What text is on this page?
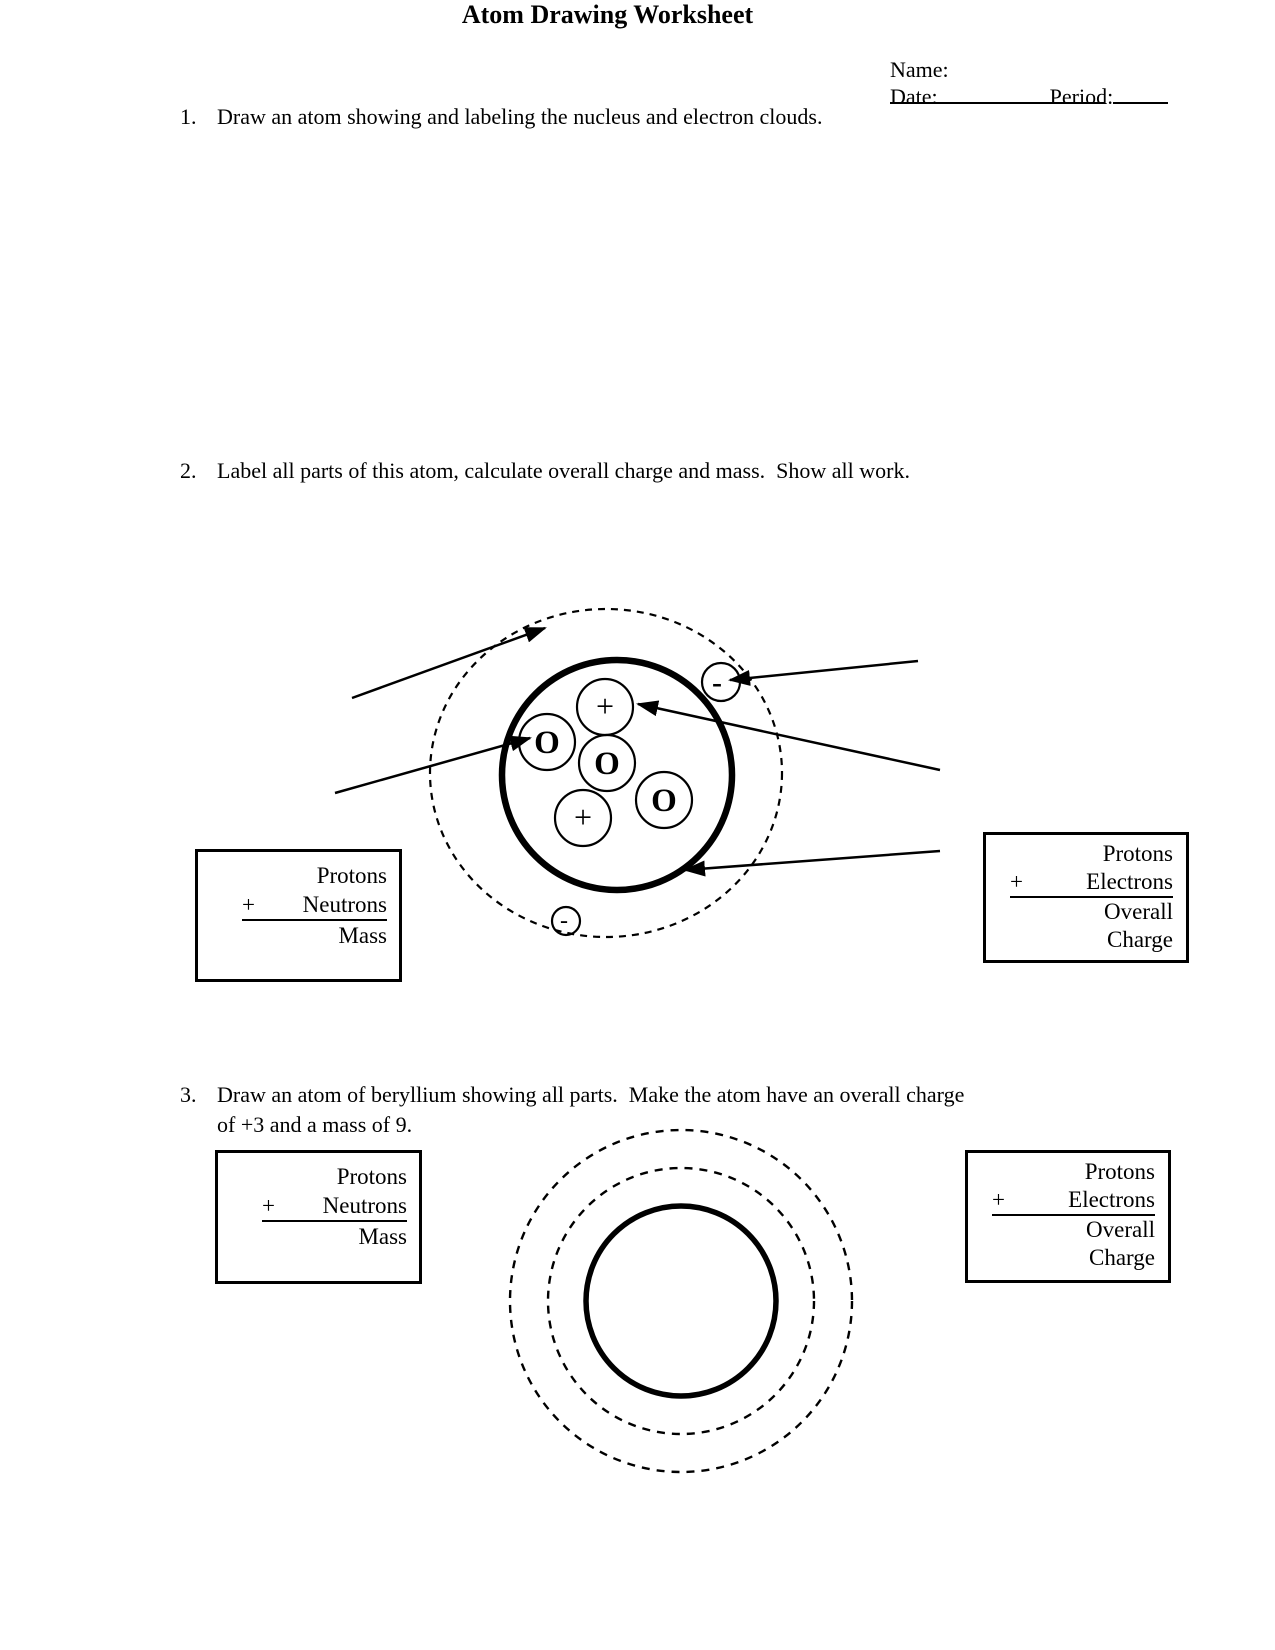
+
O
O
O
+
-
-

Name:

Date:	Period:

Atom Drawing Worksheet
1. Draw an atom showing and labeling the nucleus and electron clouds.
2. Label all parts of this atom, calculate overall charge and mass.  Show all work.
Protons
+ Neutrons
Mass
Protons
+	Electrons
Overall
Charge
3. Draw an atom of beryllium showing all parts.  Make the atom have an overall charge
of +3 and a mass of 9.
Protons
+ Neutrons
Mass
Protons
+	Electrons
Overall
Charge
